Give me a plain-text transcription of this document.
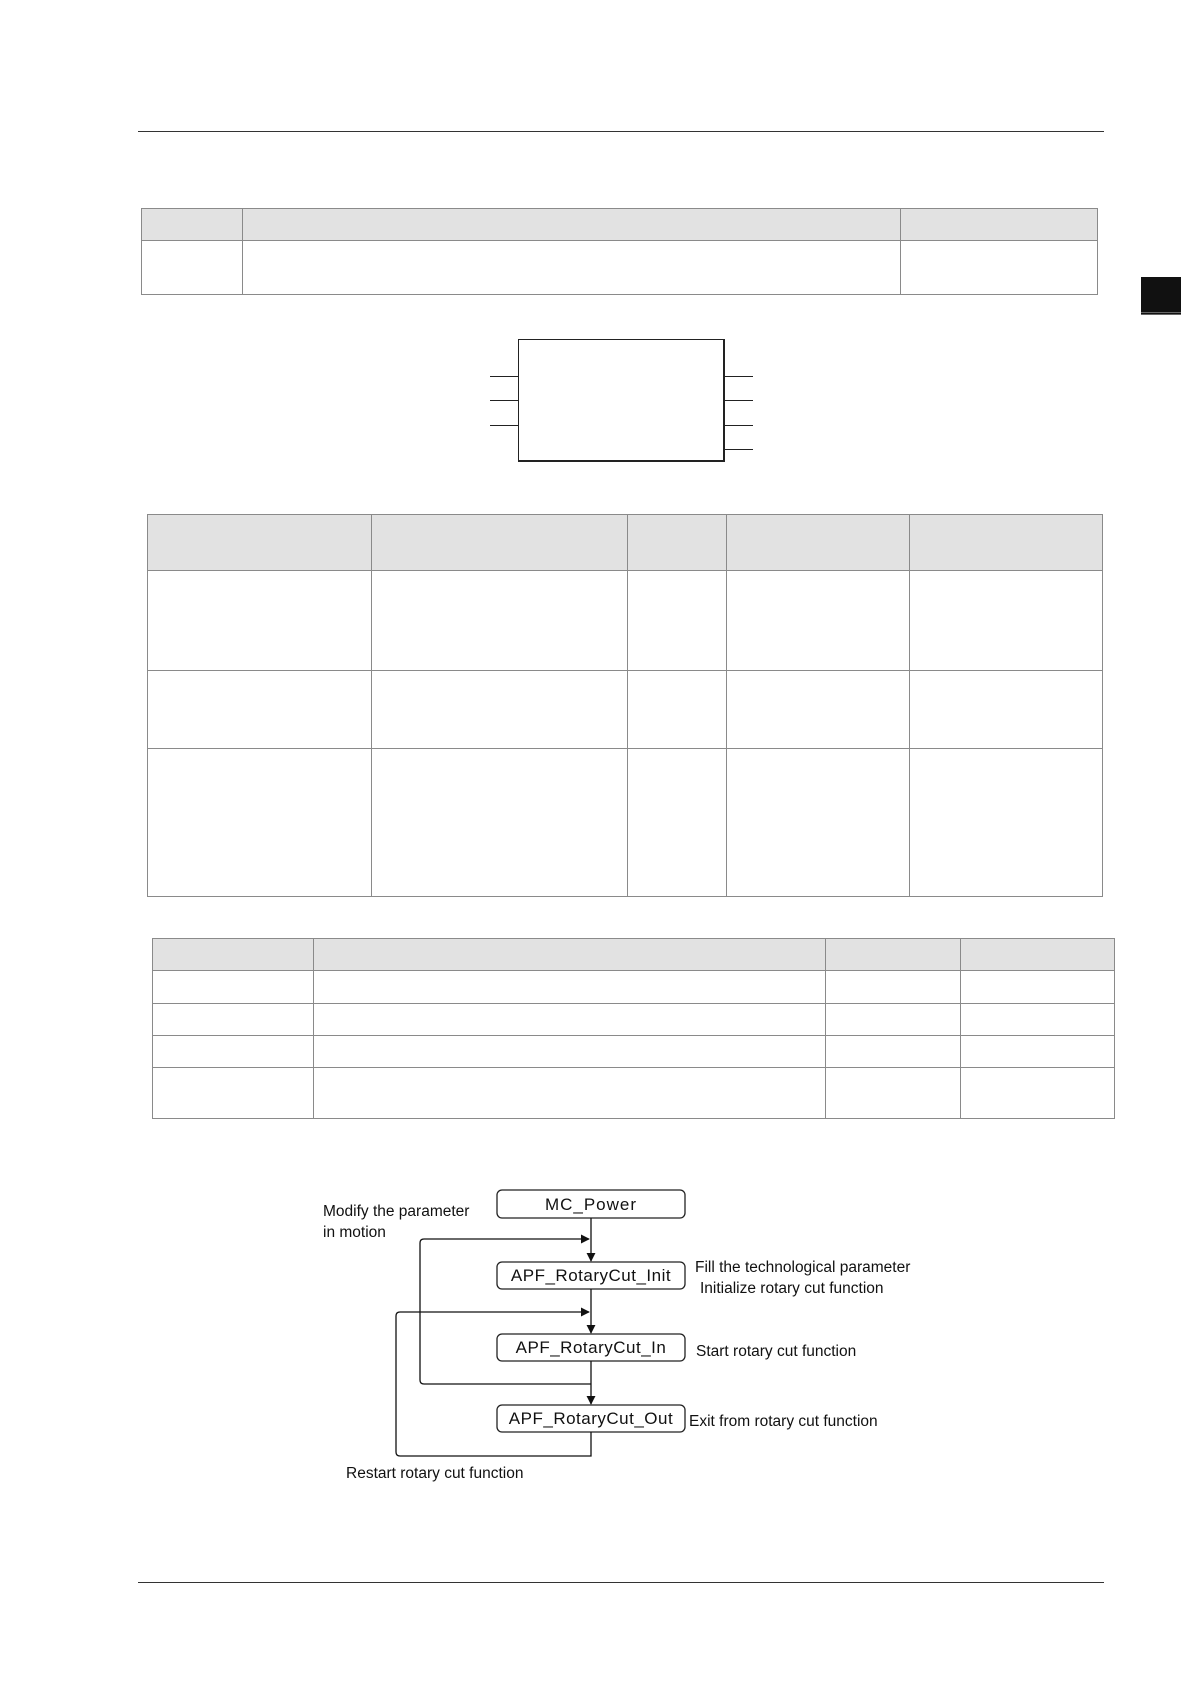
MC_Power
APF_RotaryCut_Init
APF_RotaryCut_In
APF_RotaryCut_Out
Modify the parameter
in motion
Fill the technological parameter
Initialize rotary cut function
Start rotary cut function
Exit from rotary cut function
Restart rotary cut function
